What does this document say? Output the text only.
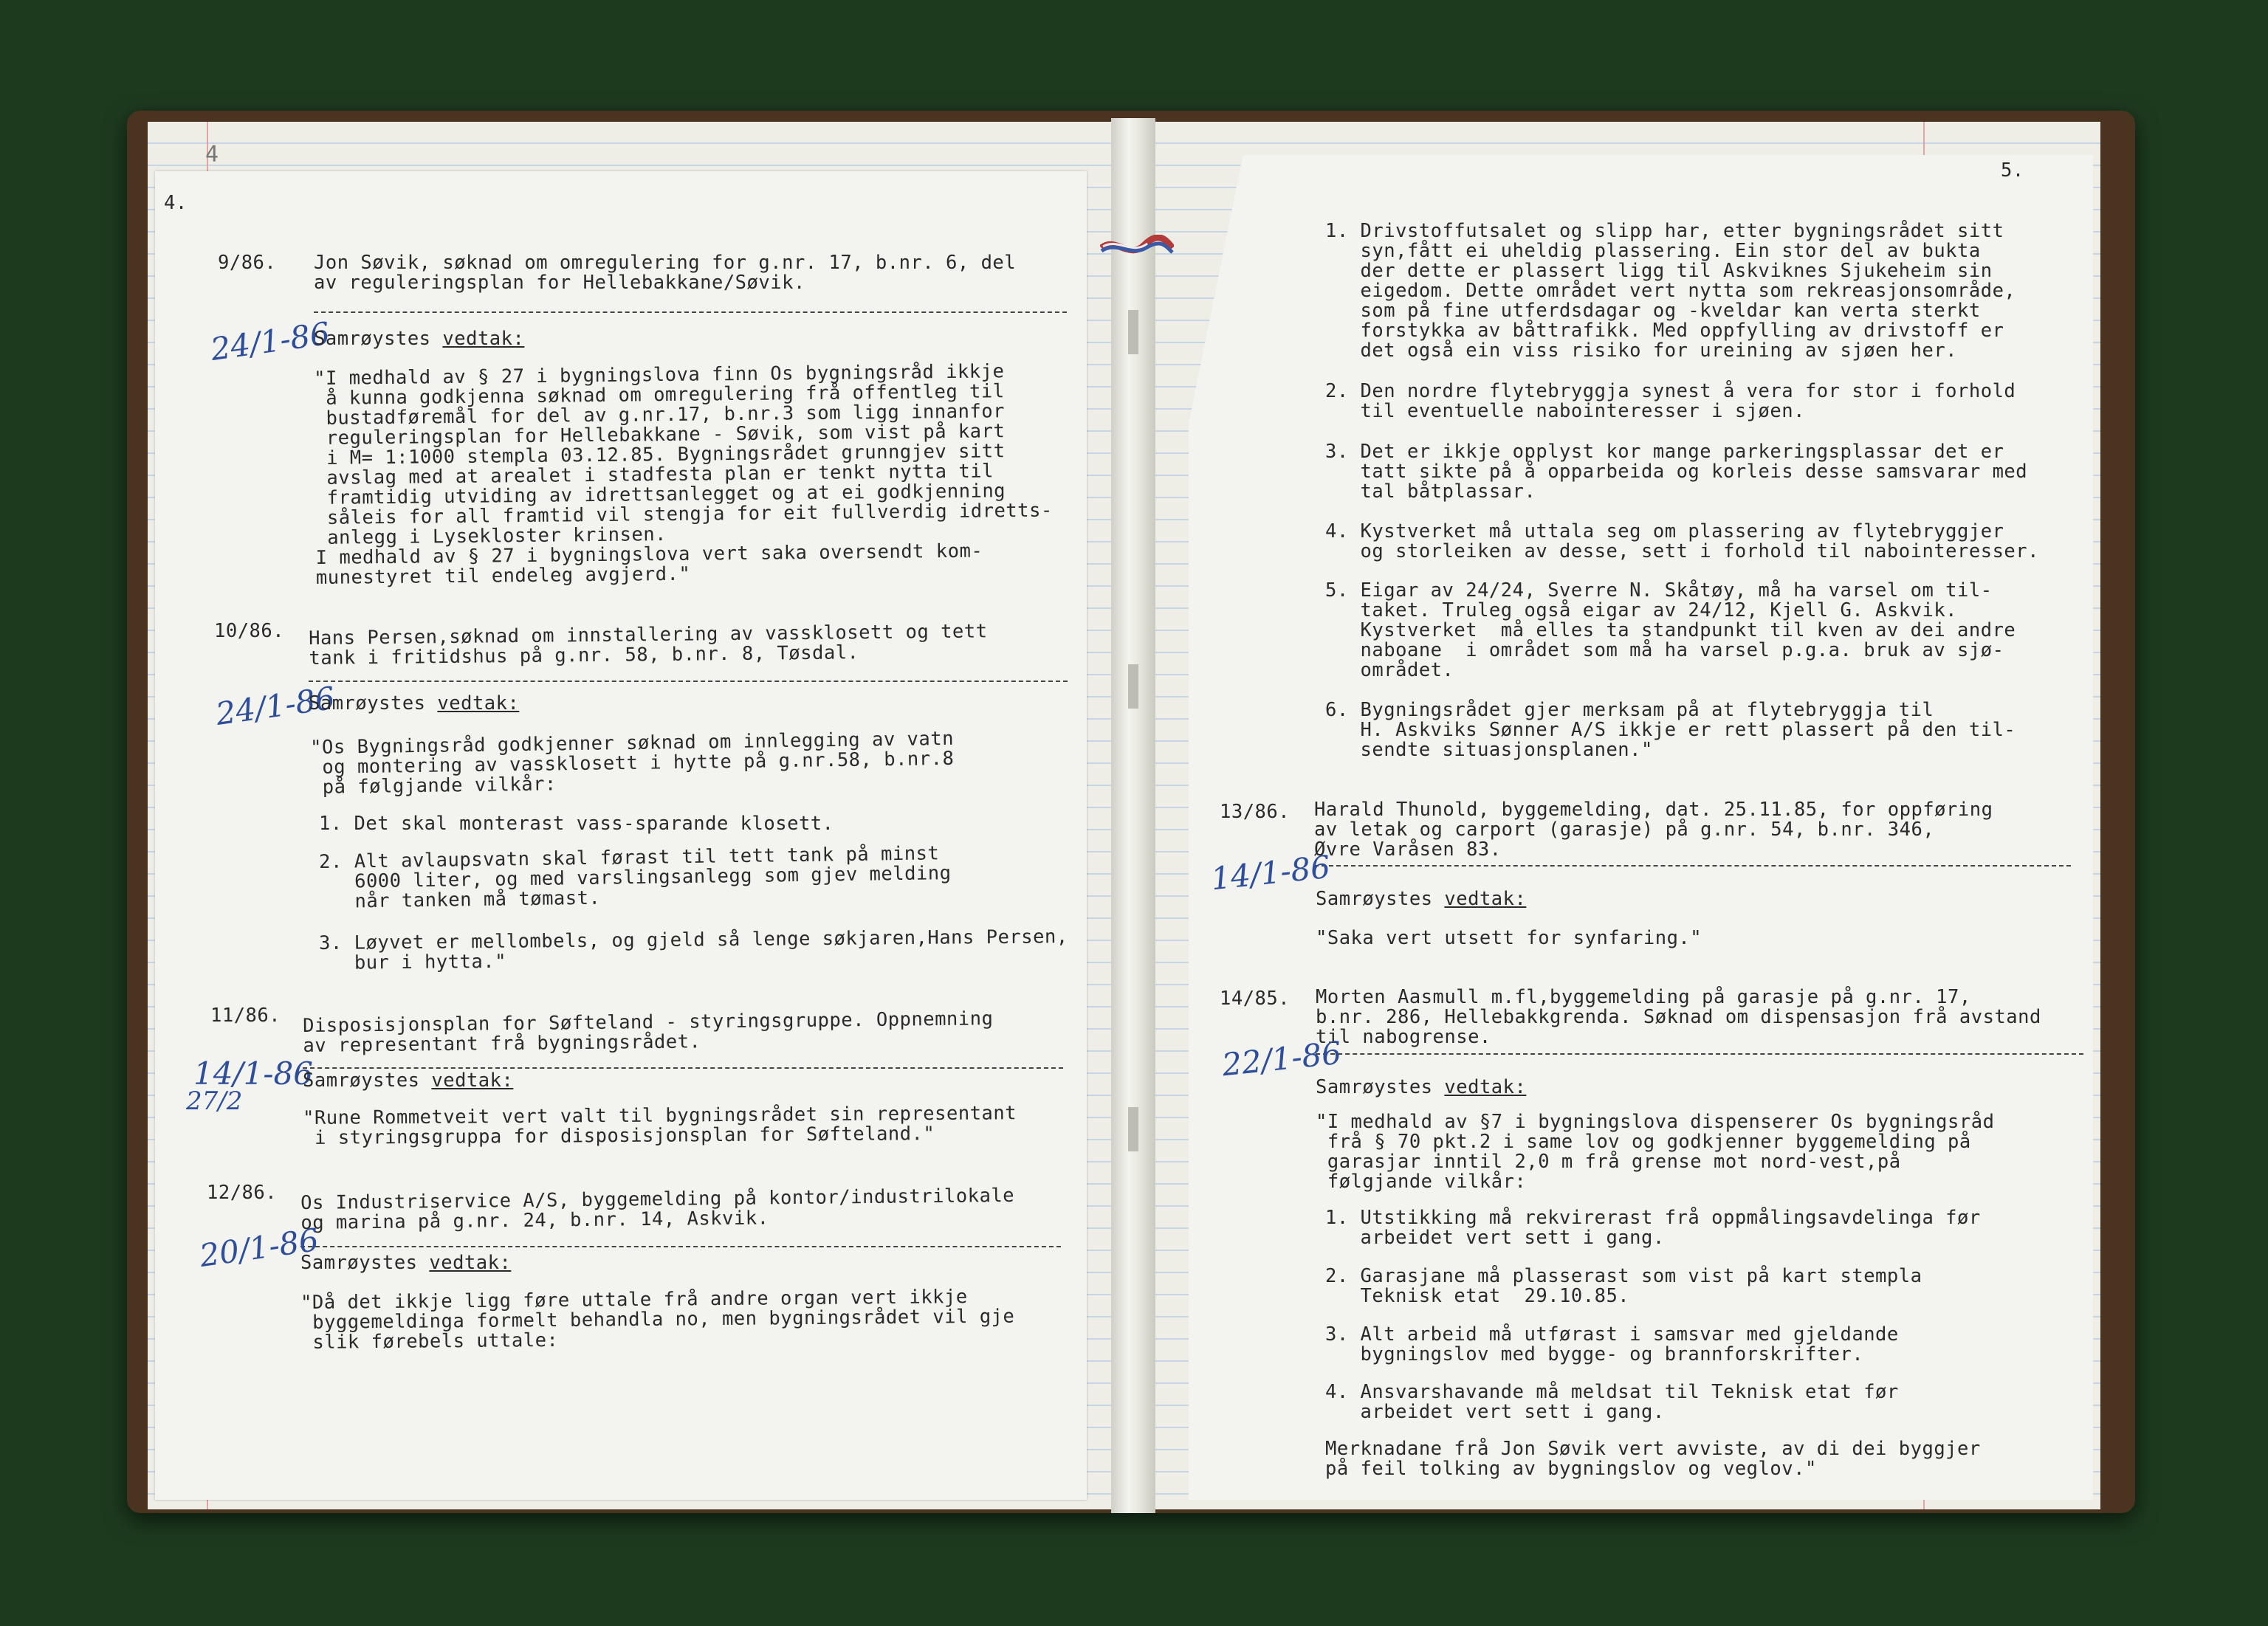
4
4.
9/86. Jon Søvik, søknad om omregulering for g.nr. 17, b.nr. 6, del
av reguleringsplan for Hellebakkane/Søvik.
24/1-86
Samrøystes vedtak:
"I medhald av § 27 i bygningslova finn Os bygningsråd ikkje
å kunna godkjenna søknad om omregulering frå offentleg til
bustadføremål for del av g.nr.17, b.nr.3 som ligg innanfor
reguleringsplan for Hellebakkane - Søvik, som vist på kart
i M= 1:1000 stempla 03.12.85. Bygningsrådet grunngjev sitt
avslag med at arealet i stadfesta plan er tenkt nytta til
framtidig utviding av idrettsanlegget og at ei godkjenning
såleis for all framtid vil stengja for eit fullverdig idretts-
anlegg i Lysekloster krinsen.
I medhald av § 27 i bygningslova vert saka oversendt kom-
munestyret til endeleg avgjerd."
10/86. Hans Persen,søknad om innstallering av vassklosett og tett
tank i fritidshus på g.nr. 58, b.nr. 8, Tøsdal.
24/1-86
Samrøystes vedtak:
"Os Bygningsråd godkjenner søknad om innlegging av vatn
og montering av vassklosett i hytte på g.nr.58, b.nr.8
på følgjande vilkår:
1. Det skal monterast vass-sparande klosett.
2. Alt avlaupsvatn skal førast til tett tank på minst
6000 liter, og med varslingsanlegg som gjev melding
når tanken må tømast.
3. Løyvet er mellombels, og gjeld så lenge søkjaren,Hans Persen,
bur i hytta."
11/86. Disposisjonsplan for Søfteland - styringsgruppe. Oppnemning
av representant frå bygningsrådet.
14/1-86
27/2
Samrøystes vedtak:
"Rune Rommetveit vert valt til bygningsrådet sin representant
i styringsgruppa for disposisjonsplan for Søfteland."
12/86. Os Industriservice A/S, byggemelding på kontor/industrilokale
og marina på g.nr. 24, b.nr. 14, Askvik.
20/1-86
Samrøystes vedtak:
"Då det ikkje ligg føre uttale frå andre organ vert ikkje
byggemeldinga formelt behandla no, men bygningsrådet vil gje
slik førebels uttale:
5.
1. Drivstoffutsalet og slipp har, etter bygningsrådet sitt
syn,fått ei uheldig plassering. Ein stor del av bukta
der dette er plassert ligg til Askviknes Sjukeheim sin
eigedom. Dette området vert nytta som rekreasjonsområde,
som på fine utferdsdagar og -kveldar kan verta sterkt
forstykka av båttrafikk. Med oppfylling av drivstoff er
det også ein viss risiko for ureining av sjøen her.
2. Den nordre flytebryggja synest å vera for stor i forhold
til eventuelle nabointeresser i sjøen.
3. Det er ikkje opplyst kor mange parkeringsplassar det er
tatt sikte på å opparbeida og korleis desse samsvarar med
tal båtplassar.
4. Kystverket må uttala seg om plassering av flytebryggjer
og storleiken av desse, sett i forhold til nabointeresser.
5. Eigar av 24/24, Sverre N. Skåtøy, må ha varsel om til-
taket. Truleg også eigar av 24/12, Kjell G. Askvik.
Kystverket  må elles ta standpunkt til kven av dei andre
naboane  i området som må ha varsel p.g.a. bruk av sjø-
området.
6. Bygningsrådet gjer merksam på at flytebryggja til
H. Askviks Sønner A/S ikkje er rett plassert på den til-
sendte situasjonsplanen."
13/86. Harald Thunold, byggemelding, dat. 25.11.85, for oppføring
av letak og carport (garasje) på g.nr. 54, b.nr. 346,
Øvre Varåsen 83.
14/1-86
Samrøystes vedtak:
"Saka vert utsett for synfaring."
14/85. Morten Aasmull m.fl,byggemelding på garasje på g.nr. 17,
b.nr. 286, Hellebakkgrenda. Søknad om dispensasjon frå avstand
til nabogrense.
22/1-86
Samrøystes vedtak:
"I medhald av §7 i bygningslova dispenserer Os bygningsråd
frå § 70 pkt.2 i same lov og godkjenner byggemelding på
garasjar inntil 2,0 m frå grense mot nord-vest,på
følgjande vilkår:
1. Utstikking må rekvirerast frå oppmålingsavdelinga før
arbeidet vert sett i gang.
2. Garasjane må plasserast som vist på kart stempla
Teknisk etat  29.10.85.
3. Alt arbeid må utførast i samsvar med gjeldande
bygningslov med bygge- og brannforskrifter.
4. Ansvarshavande må meldsat til Teknisk etat før
arbeidet vert sett i gang.
Merknadane frå Jon Søvik vert avviste, av di dei byggjer
på feil tolking av bygningslov og veglov."
